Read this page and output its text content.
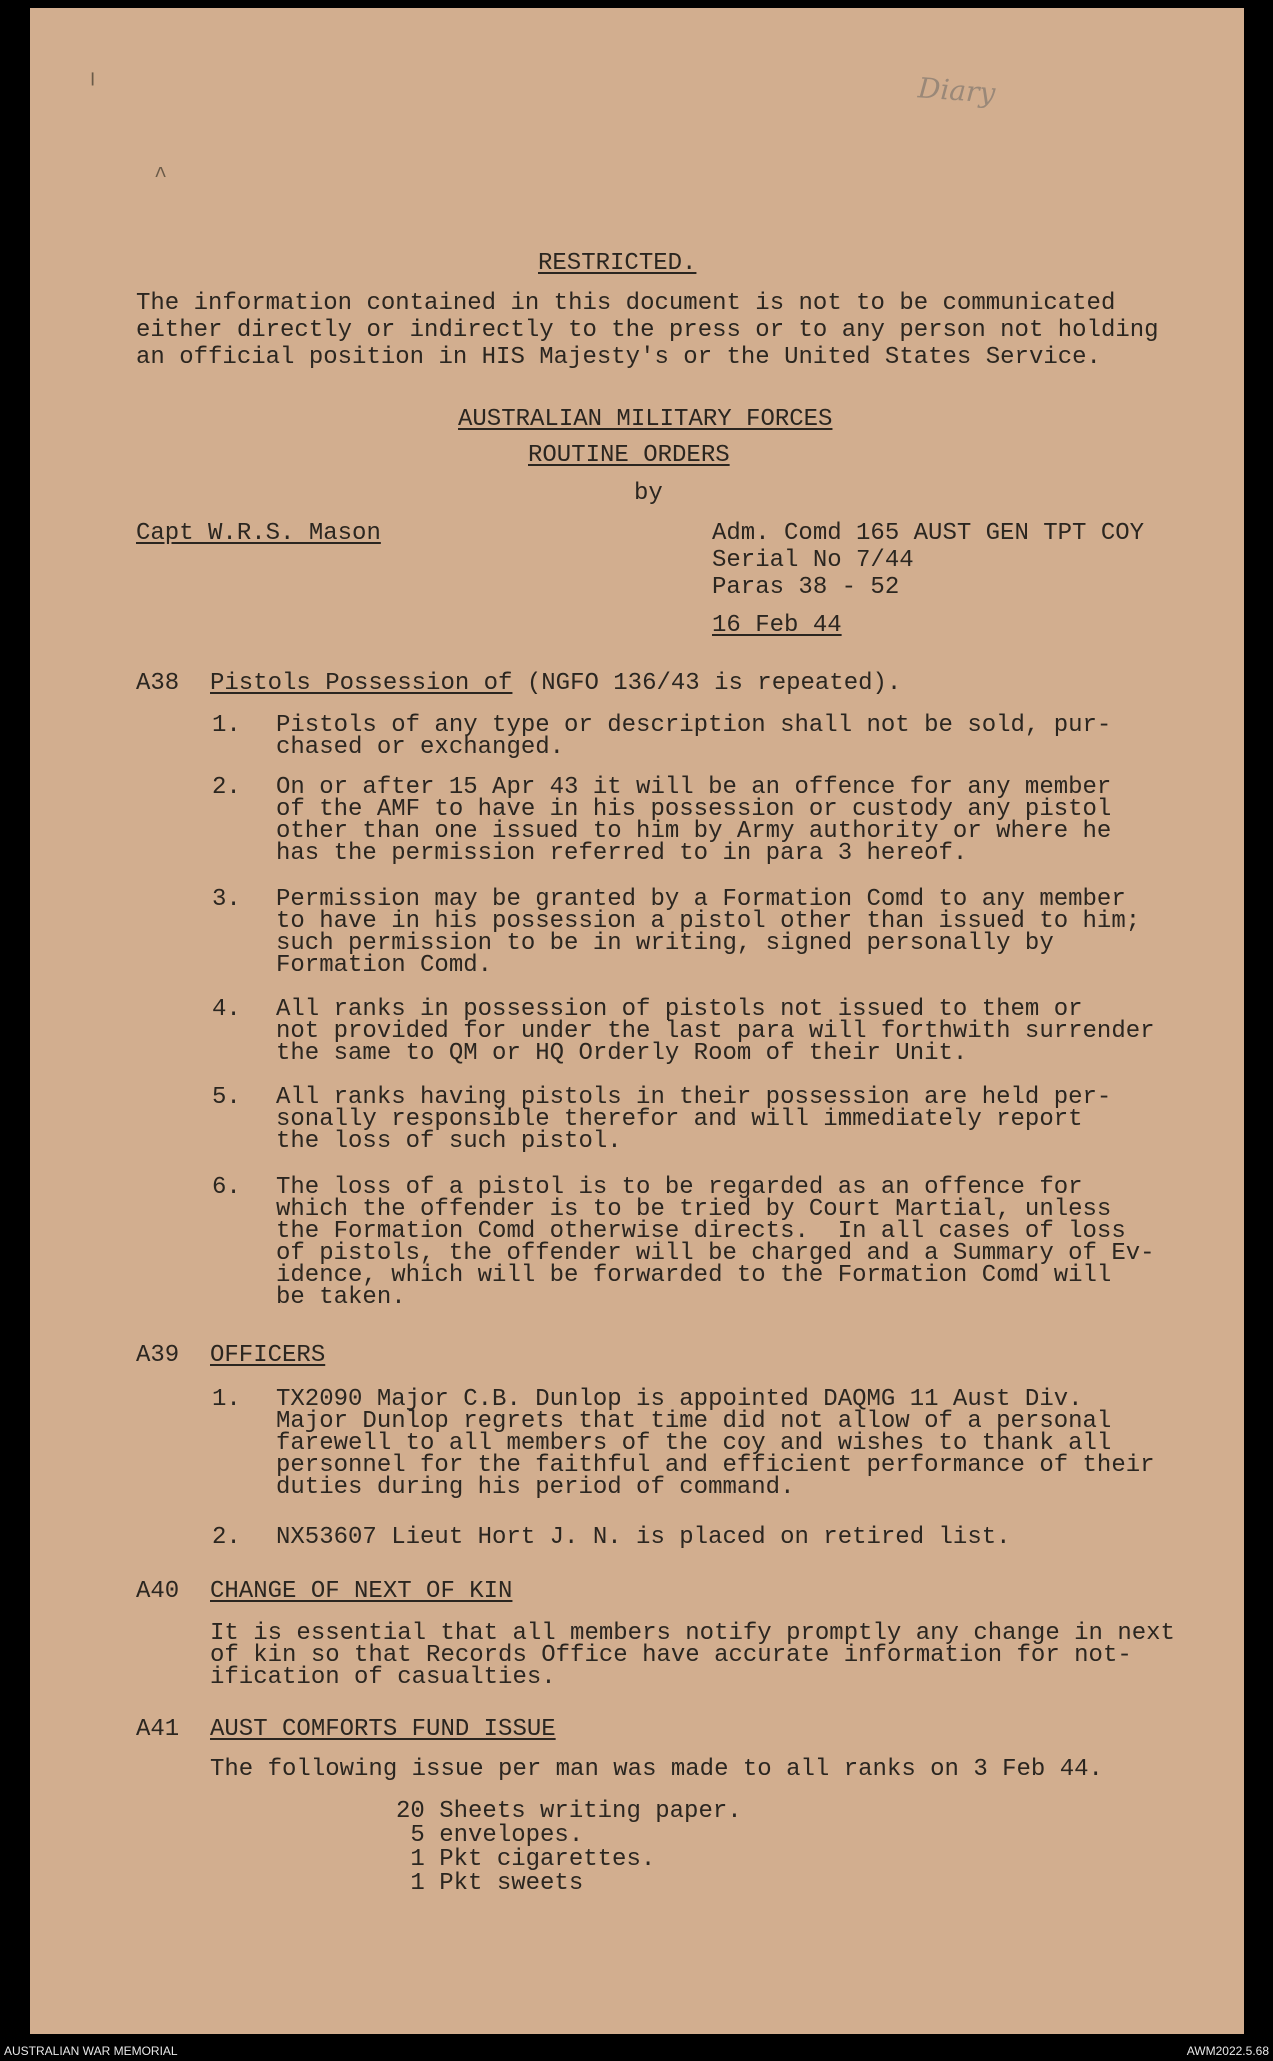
Diary
╵
^
RESTRICTED.
The information contained in this document is not to be communicated
either directly or indirectly to the press or to any person not holding
an official position in HIS Majesty's or the United States Service.
AUSTRALIAN MILITARY FORCES
ROUTINE ORDERS
by
Capt W.R.S. Mason	Adm. Comd 165 AUST GEN TPT COY
Serial No 7/44
Paras 38 - 52
16 Feb 44
A38 Pistols Possession of (NGFO 136/43 is repeated).
1. Pistols of any type or description shall not be sold, pur-
chased or exchanged.
2. On or after 15 Apr 43 it will be an offence for any member
of the AMF to have in his possession or custody any pistol
other than one issued to him by Army authority or where he
has the permission referred to in para 3 hereof.
3. Permission may be granted by a Formation Comd to any member
to have in his possession a pistol other than issued to him;
such permission to be in writing, signed personally by
Formation Comd.
4. All ranks in possession of pistols not issued to them or
not provided for under the last para will forthwith surrender
the same to QM or HQ Orderly Room of their Unit.
5. All ranks having pistols in their possession are held per-
sonally responsible therefor and will immediately report
the loss of such pistol.
6. The loss of a pistol is to be regarded as an offence for
which the offender is to be tried by Court Martial, unless
the Formation Comd otherwise directs.  In all cases of loss
of pistols, the offender will be charged and a Summary of Ev-
idence, which will be forwarded to the Formation Comd will
be taken.
A39 OFFICERS
1. TX2090 Major C.B. Dunlop is appointed DAQMG 11 Aust Div.
Major Dunlop regrets that time did not allow of a personal
farewell to all members of the coy and wishes to thank all
personnel for the faithful and efficient performance of their
duties during his period of command.
2. NX53607 Lieut Hort J. N. is placed on retired list.
A40 CHANGE OF NEXT OF KIN
It is essential that all members notify promptly any change in next
of kin so that Records Office have accurate information for not-
ification of casualties.
A41 AUST COMFORTS FUND ISSUE
The following issue per man was made to all ranks on 3 Feb 44.
20 Sheets writing paper.
5 envelopes.
1 Pkt cigarettes.
1 Pkt sweets
AUSTRALIAN WAR MEMORIAL	AWM2022.5.68
